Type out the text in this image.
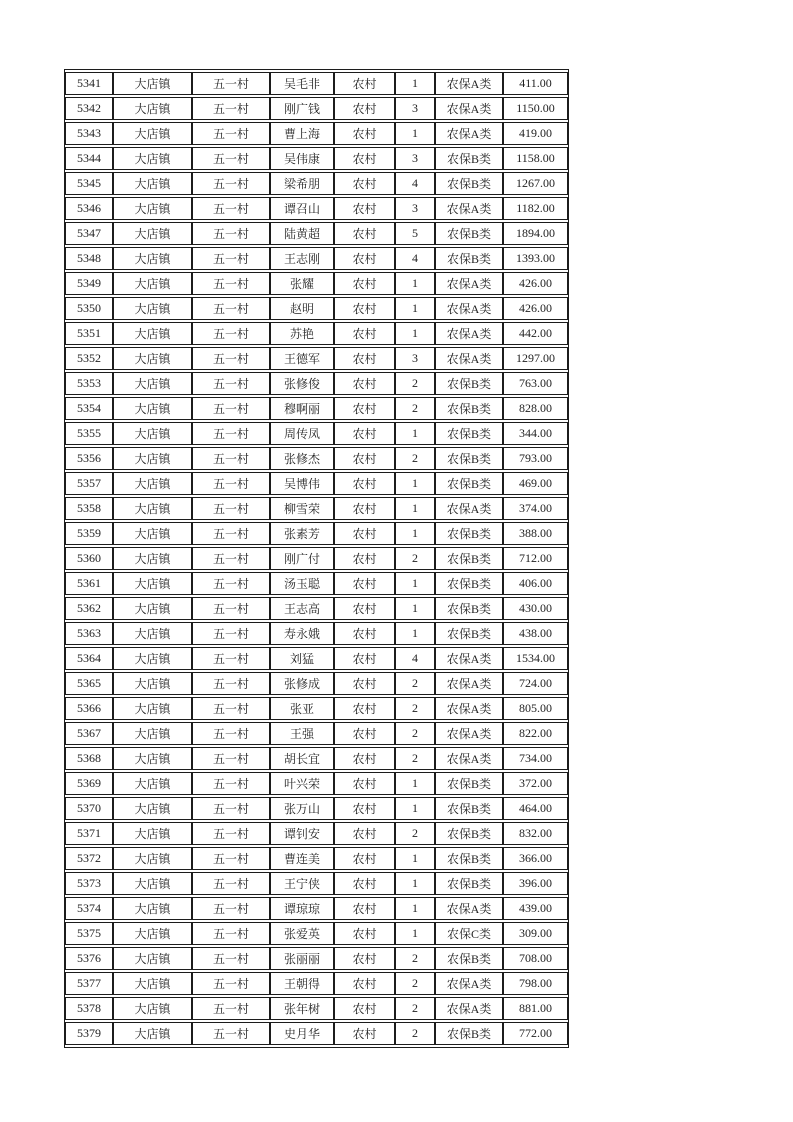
5341	大店镇	五一村	吴毛非	农村	1	农保A类	411.00
5342	大店镇	五一村	刚广钱	农村	3	农保A类	1150.00
5343	大店镇	五一村	曹上海	农村	1	农保A类	419.00
5344	大店镇	五一村	吴伟康	农村	3	农保B类	1158.00
5345	大店镇	五一村	梁希朋	农村	4	农保B类	1267.00
5346	大店镇	五一村	谭召山	农村	3	农保A类	1182.00
5347	大店镇	五一村	陆黄超	农村	5	农保B类	1894.00
5348	大店镇	五一村	王志刚	农村	4	农保B类	1393.00
5349	大店镇	五一村	张耀	农村	1	农保A类	426.00
5350	大店镇	五一村	赵明	农村	1	农保A类	426.00
5351	大店镇	五一村	苏艳	农村	1	农保A类	442.00
5352	大店镇	五一村	王德军	农村	3	农保A类	1297.00
5353	大店镇	五一村	张修俊	农村	2	农保B类	763.00
5354	大店镇	五一村	穆啊丽	农村	2	农保B类	828.00
5355	大店镇	五一村	周传凤	农村	1	农保B类	344.00
5356	大店镇	五一村	张修杰	农村	2	农保B类	793.00
5357	大店镇	五一村	吴博伟	农村	1	农保B类	469.00
5358	大店镇	五一村	柳雪荣	农村	1	农保A类	374.00
5359	大店镇	五一村	张素芳	农村	1	农保B类	388.00
5360	大店镇	五一村	刚广付	农村	2	农保B类	712.00
5361	大店镇	五一村	汤玉聪	农村	1	农保B类	406.00
5362	大店镇	五一村	王志高	农村	1	农保B类	430.00
5363	大店镇	五一村	寿永娥	农村	1	农保B类	438.00
5364	大店镇	五一村	刘猛	农村	4	农保A类	1534.00
5365	大店镇	五一村	张修成	农村	2	农保A类	724.00
5366	大店镇	五一村	张亚	农村	2	农保A类	805.00
5367	大店镇	五一村	王强	农村	2	农保A类	822.00
5368	大店镇	五一村	胡长宜	农村	2	农保A类	734.00
5369	大店镇	五一村	叶兴荣	农村	1	农保B类	372.00
5370	大店镇	五一村	张万山	农村	1	农保B类	464.00
5371	大店镇	五一村	谭钊安	农村	2	农保B类	832.00
5372	大店镇	五一村	曹连美	农村	1	农保B类	366.00
5373	大店镇	五一村	王宁侠	农村	1	农保B类	396.00
5374	大店镇	五一村	谭琼琼	农村	1	农保A类	439.00
5375	大店镇	五一村	张爱英	农村	1	农保C类	309.00
5376	大店镇	五一村	张丽丽	农村	2	农保B类	708.00
5377	大店镇	五一村	王朝得	农村	2	农保A类	798.00
5378	大店镇	五一村	张年树	农村	2	农保A类	881.00
5379	大店镇	五一村	史月华	农村	2	农保B类	772.00
